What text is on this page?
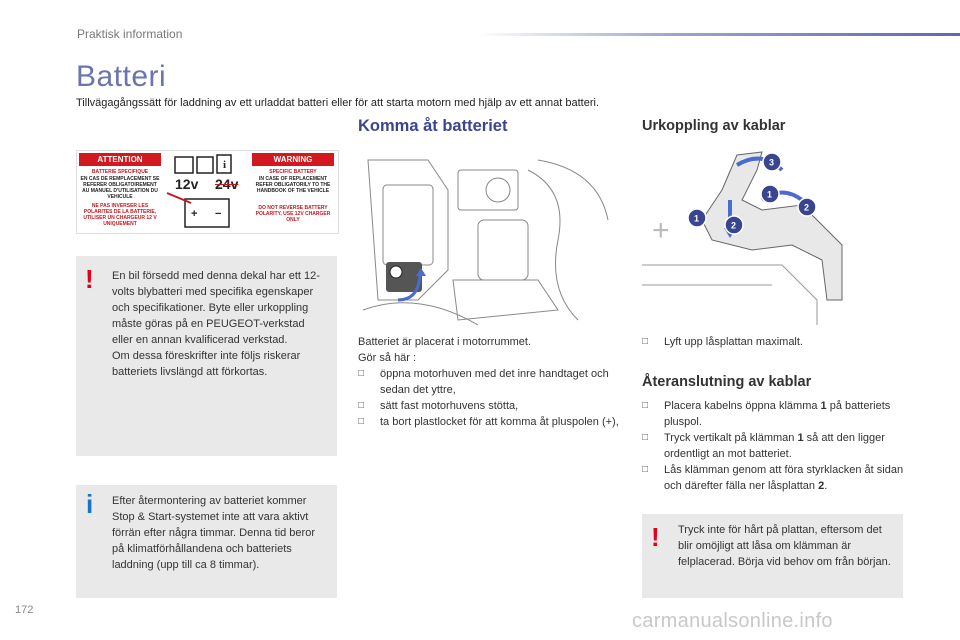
Praktisk information
Batteri
Tillvägagångssätt för laddning av ett urladdat batteri eller för att starta motorn med hjälp av ett annat batteri.
ATTENTION	WARNING
BATTERIE SPECIFIQUE
EN CAS DE REMPLACEMENT SE REFERER OBLIGATOIREMENT AU MANUEL D'UTILISATION DU VEHICULE
SPECIFIC BATTERY
IN CASE OF REPLACEMENT REFER OBLIGATORILY TO THE HANDBOOK OF THE VEHICLE
NE PAS INVERSER LES POLARITES DE LA BATTERIE, UTILISER UN CHARGEUR 12 V UNIQUEMENT
DO NOT REVERSE BATTERY POLARITY, USE 12V CHARGER ONLY
i
+ −
12v 24v
! En bil försedd med denna dekal har ett 12-volts blybatteri med specifika egenskaper och specifikationer. Byte eller urkoppling måste göras på en PEUGEOT-verkstad eller en annan kvalificerad verkstad.
Om dessa föreskrifter inte följs riskerar batteriets livslängd att förkortas.
i Efter återmontering av batteriet kommer Stop & Start-systemet inte att vara aktivt förrän efter några timmar. Denna tid beror på klimatförhållandena och batteriets laddning (upp till ca 8 timmar).
Komma åt batteriet
Batteriet är placerat i motorrummet.
Gör så här :

□ öppna motorhuven med det inre handtaget och sedan det yttre,

□ sätt fast motorhuvens stötta,

□ ta bort plastlocket för att komma åt pluspolen (+),

Urkoppling av kablar
+	1
2
2
1
3

□ Lyft upp låsplattan maximalt.

Återanslutning av kablar

□ Placera kabelns öppna klämma 1 på batteriets pluspol.

□ Tryck vertikalt på klämman 1 så att den ligger ordentligt an mot batteriet.

□ Lås klämman genom att föra styrklacken åt sidan och därefter fälla ner låsplattan 2.

! Tryck inte för hårt på plattan, eftersom det blir omöjligt att låsa om klämman är felplacerad. Börja vid behov om från början.
172	carmanualsonline.info
